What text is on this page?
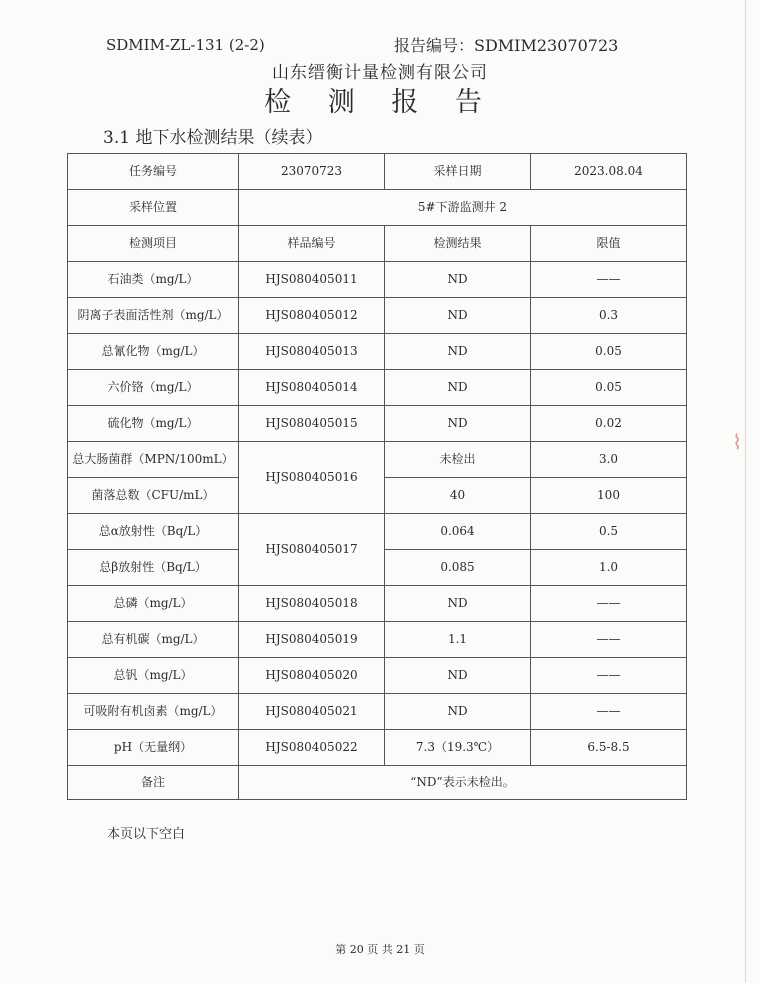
⌇
SDMIM-ZL-131 (2-2)	报告编号：SDMIM23070723
山东缙衡计量检测有限公司
检 测 报 告
3.1 地下水检测结果（续表）
任务编号	23070723	采样日期	2023.08.04
采样位置	5#下游监测井 2		
检测项目	样品编号	检测结果	限值
石油类（mg/L）	HJS080405011	ND	——
阴离子表面活性剂（mg/L）	HJS080405012	ND	0.3
总氰化物（mg/L）	HJS080405013	ND	0.05
六价铬（mg/L）	HJS080405014	ND	0.05
硫化物（mg/L）	HJS080405015	ND	0.02
总大肠菌群（MPN/100mL）	HJS080405016	未检出	3.0
菌落总数（CFU/mL）		40	100
总α放射性（Bq/L）	HJS080405017	0.064	0.5
总β放射性（Bq/L）		0.085	1.0
总磷（mg/L）	HJS080405018	ND	——
总有机碳（mg/L）	HJS080405019	1.1	——
总钒（mg/L）	HJS080405020	ND	——
可吸附有机卤素（mg/L）	HJS080405021	ND	——
pH（无量纲）	HJS080405022	7.3（19.3℃）	6.5-8.5
备注	“ND”表示未检出。		
本页以下空白
第 20 页 共 21 页
